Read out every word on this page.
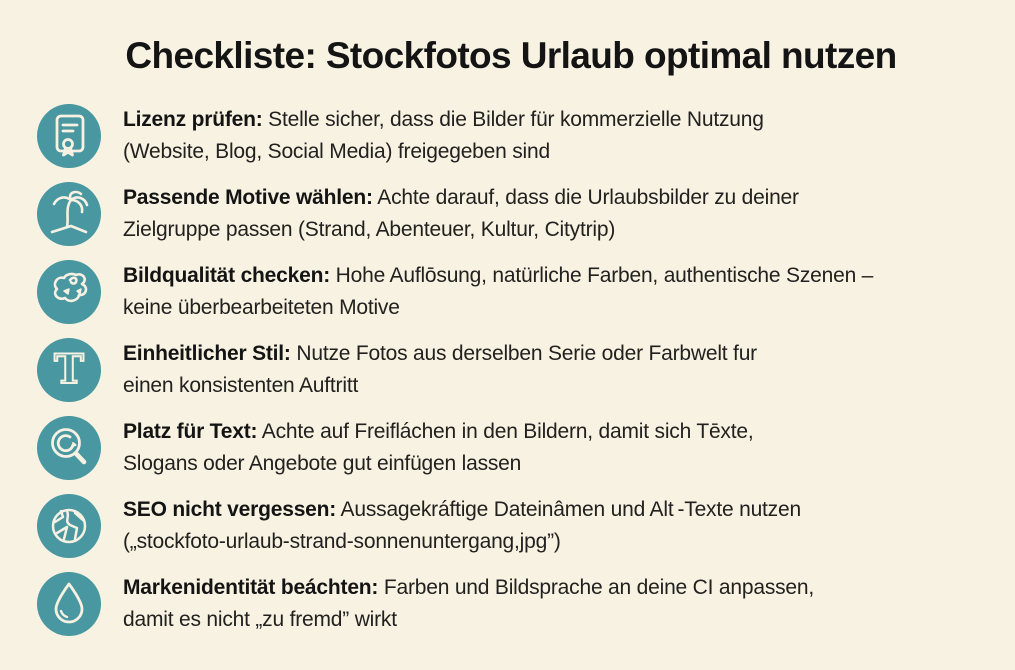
Checkliste: Stockfotos Urlaub optimal nutzen
Lizenz prüfen: Stelle sicher, dass die Bilder für kommerzielle Nutzung
(Website, Blog, Social Media) freigegeben sind
Passende Motive wählen: Achte darauf, dass die Urlaubsbilder zu deiner
Zielgruppe passen (Strand, Abenteuer, Kultur, Citytrip)
Bildqualität checken: Hohe Auflōsung, natürliche Farben, authentische Szenen –
keine überbearbeiteten Motive
T Einheitlicher Stil: Nutze Fotos aus derselben Serie oder Farbwelt fur
einen konsistenten Auftritt
Platz für Text: Achte auf Freifláchen in den Bildern, damit sich Tēxte,
Slogans oder Angebote gut einfügen lassen
SEO nicht vergessen: Aussagekráftige Dateinâmen und Alt -Texte nutzen
(„stockfoto-urlaub-strand-sonnenuntergang,jpg”)
Markenidentität beáchten: Farben und Bildsprache an deine CI anpassen,
damit es nicht „zu fremd” wirkt
